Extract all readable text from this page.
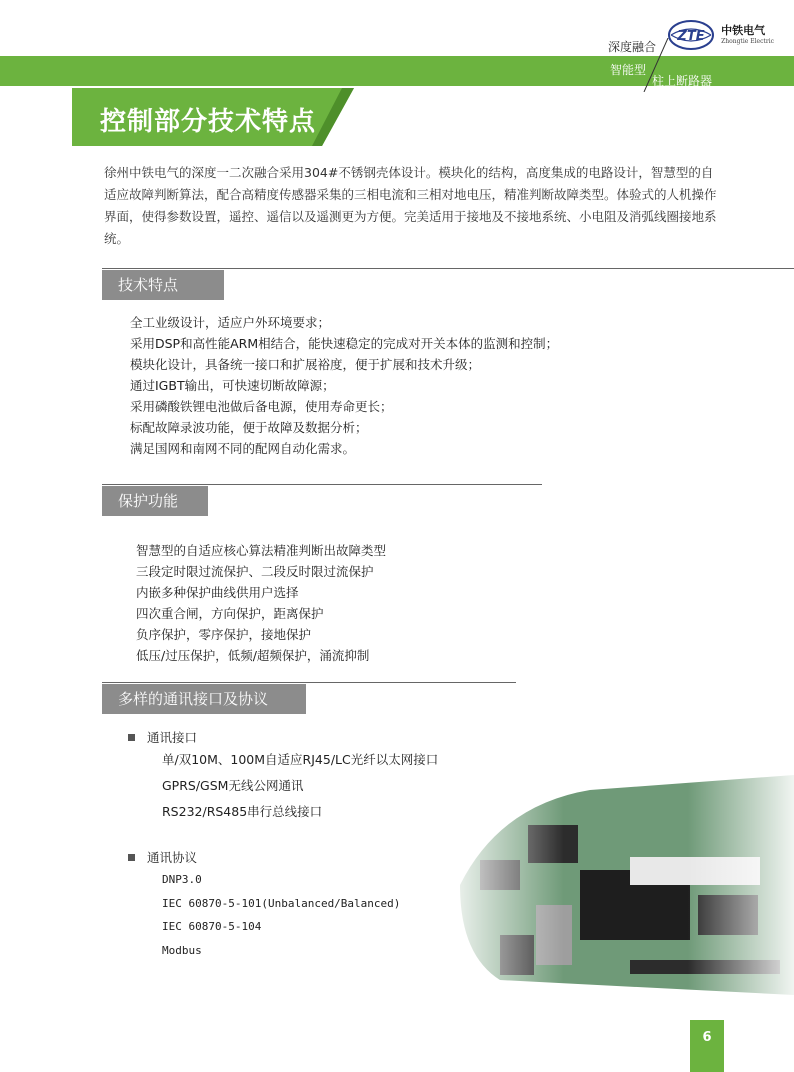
ZTE 中铁电气
Zhongtie Electric
深度融合
智能型
柱上断路器
控制部分技术特点
徐州中铁电气的深度一二次融合采用304#不锈钢壳体设计。模块化的结构，高度集成的电路设计，智慧型的自适应故障判断算法，配合高精度传感器采集的三相电流和三相对地电压，精准判断故障类型。体验式的人机操作界面，使得参数设置，遥控、遥信以及遥测更为方便。完美适用于接地及不接地系统、小电阻及消弧线圈接地系统。
技术特点
全工业级设计，适应户外环境要求；
采用DSP和高性能ARM相结合，能快速稳定的完成对开关本体的监测和控制；
模块化设计，具备统一接口和扩展裕度，便于扩展和技术升级；
通过IGBT输出，可快速切断故障源；
采用磷酸铁锂电池做后备电源，使用寿命更长；
标配故障录波功能，便于故障及数据分析；
满足国网和南网不同的配网自动化需求。
保护功能
智慧型的自适应核心算法精准判断出故障类型
三段定时限过流保护、二段反时限过流保护
内嵌多种保护曲线供用户选择
四次重合闸，方向保护，距离保护
负序保护，零序保护，接地保护
低压/过压保护，低频/超频保护，涌流抑制
多样的通讯接口及协议
通讯接口
单/双10M、100M自适应RJ45/LC光纤以太网接口
GPRS/GSM无线公网通讯
RS232/RS485串行总线接口
通讯协议
DNP3.0
IEC 60870-5-101(Unbalanced/Balanced)
IEC 60870-5-104
Modbus
6
